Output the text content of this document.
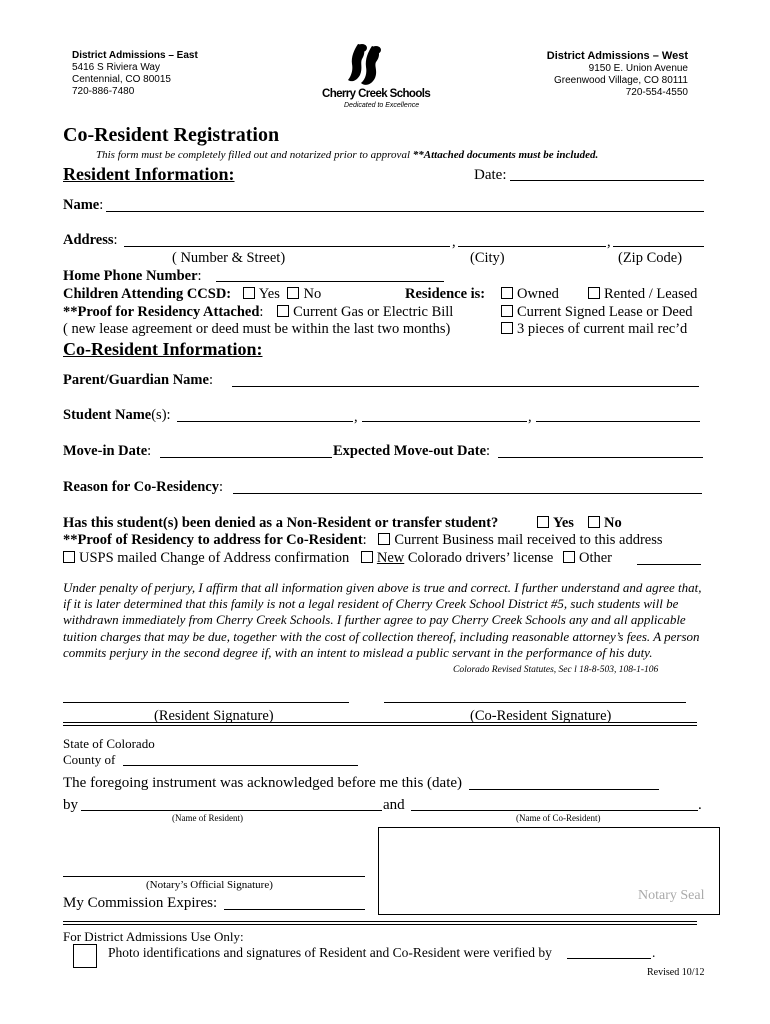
District Admissions – East
5416 S Riviera Way
Centennial, CO 80015
720-886-7480	Cherry Creek Schools
Dedicated to Excellence
District Admissions – West
9150 E. Union Avenue
Greenwood Village, CO 80111
720-554-4550
Co-Resident Registration
This form must be completely filled out and notarized prior to approval **Attached documents must be included.
Resident Information:	Date:
Name:
Address:	,	,
( Number & Street)	(City)	(Zip Code)
Home Phone Number:
Children Attending CCSD: Yes No	Residence is:	Owned	Rented / Leased
**Proof for Residency Attached: Current Gas or Electric Bill	Current Signed Lease or Deed
( new lease agreement or deed must be within the last two months)	3 pieces of current mail rec’d
Co-Resident Information:
Parent/Guardian Name:
Student Name(s):	,	,
Move-in Date:	Expected Move-out Date:
Reason for Co-Residency:
Has this student(s) been denied as a Non-Resident or transfer student?	Yes	No
**Proof of Residency to address for Co-Resident: Current Business mail received to this address
USPS mailed Change of Address confirmation New Colorado drivers’ license Other
Under penalty of perjury, I affirm that all information given above is true and correct. I further understand and agree that, if it is later determined that this family is not a legal resident of Cherry Creek School District #5, such students will be withdrawn immediately from Cherry Creek Schools. I further agree to pay Cherry Creek Schools any and all applicable tuition charges that may be due, together with the cost of collection thereof, including reasonable attorney’s fees. A person commits perjury in the second degree if, with an intent to mislead a public servant in the performance of his duty.
Colorado Revised Statutes, Sec l 18-8-503, 108-1-106
(Resident Signature)	(Co-Resident Signature)
State of Colorado
County of
The foregoing instrument was acknowledged before me this (date)
by	and	.
(Name of Resident)	(Name of Co-Resident)
Notary Seal
(Notary’s Official Signature)
My Commission Expires:
For District Admissions Use Only:
Photo identifications and signatures of Resident and Co-Resident were verified by	.
Revised 10/12
